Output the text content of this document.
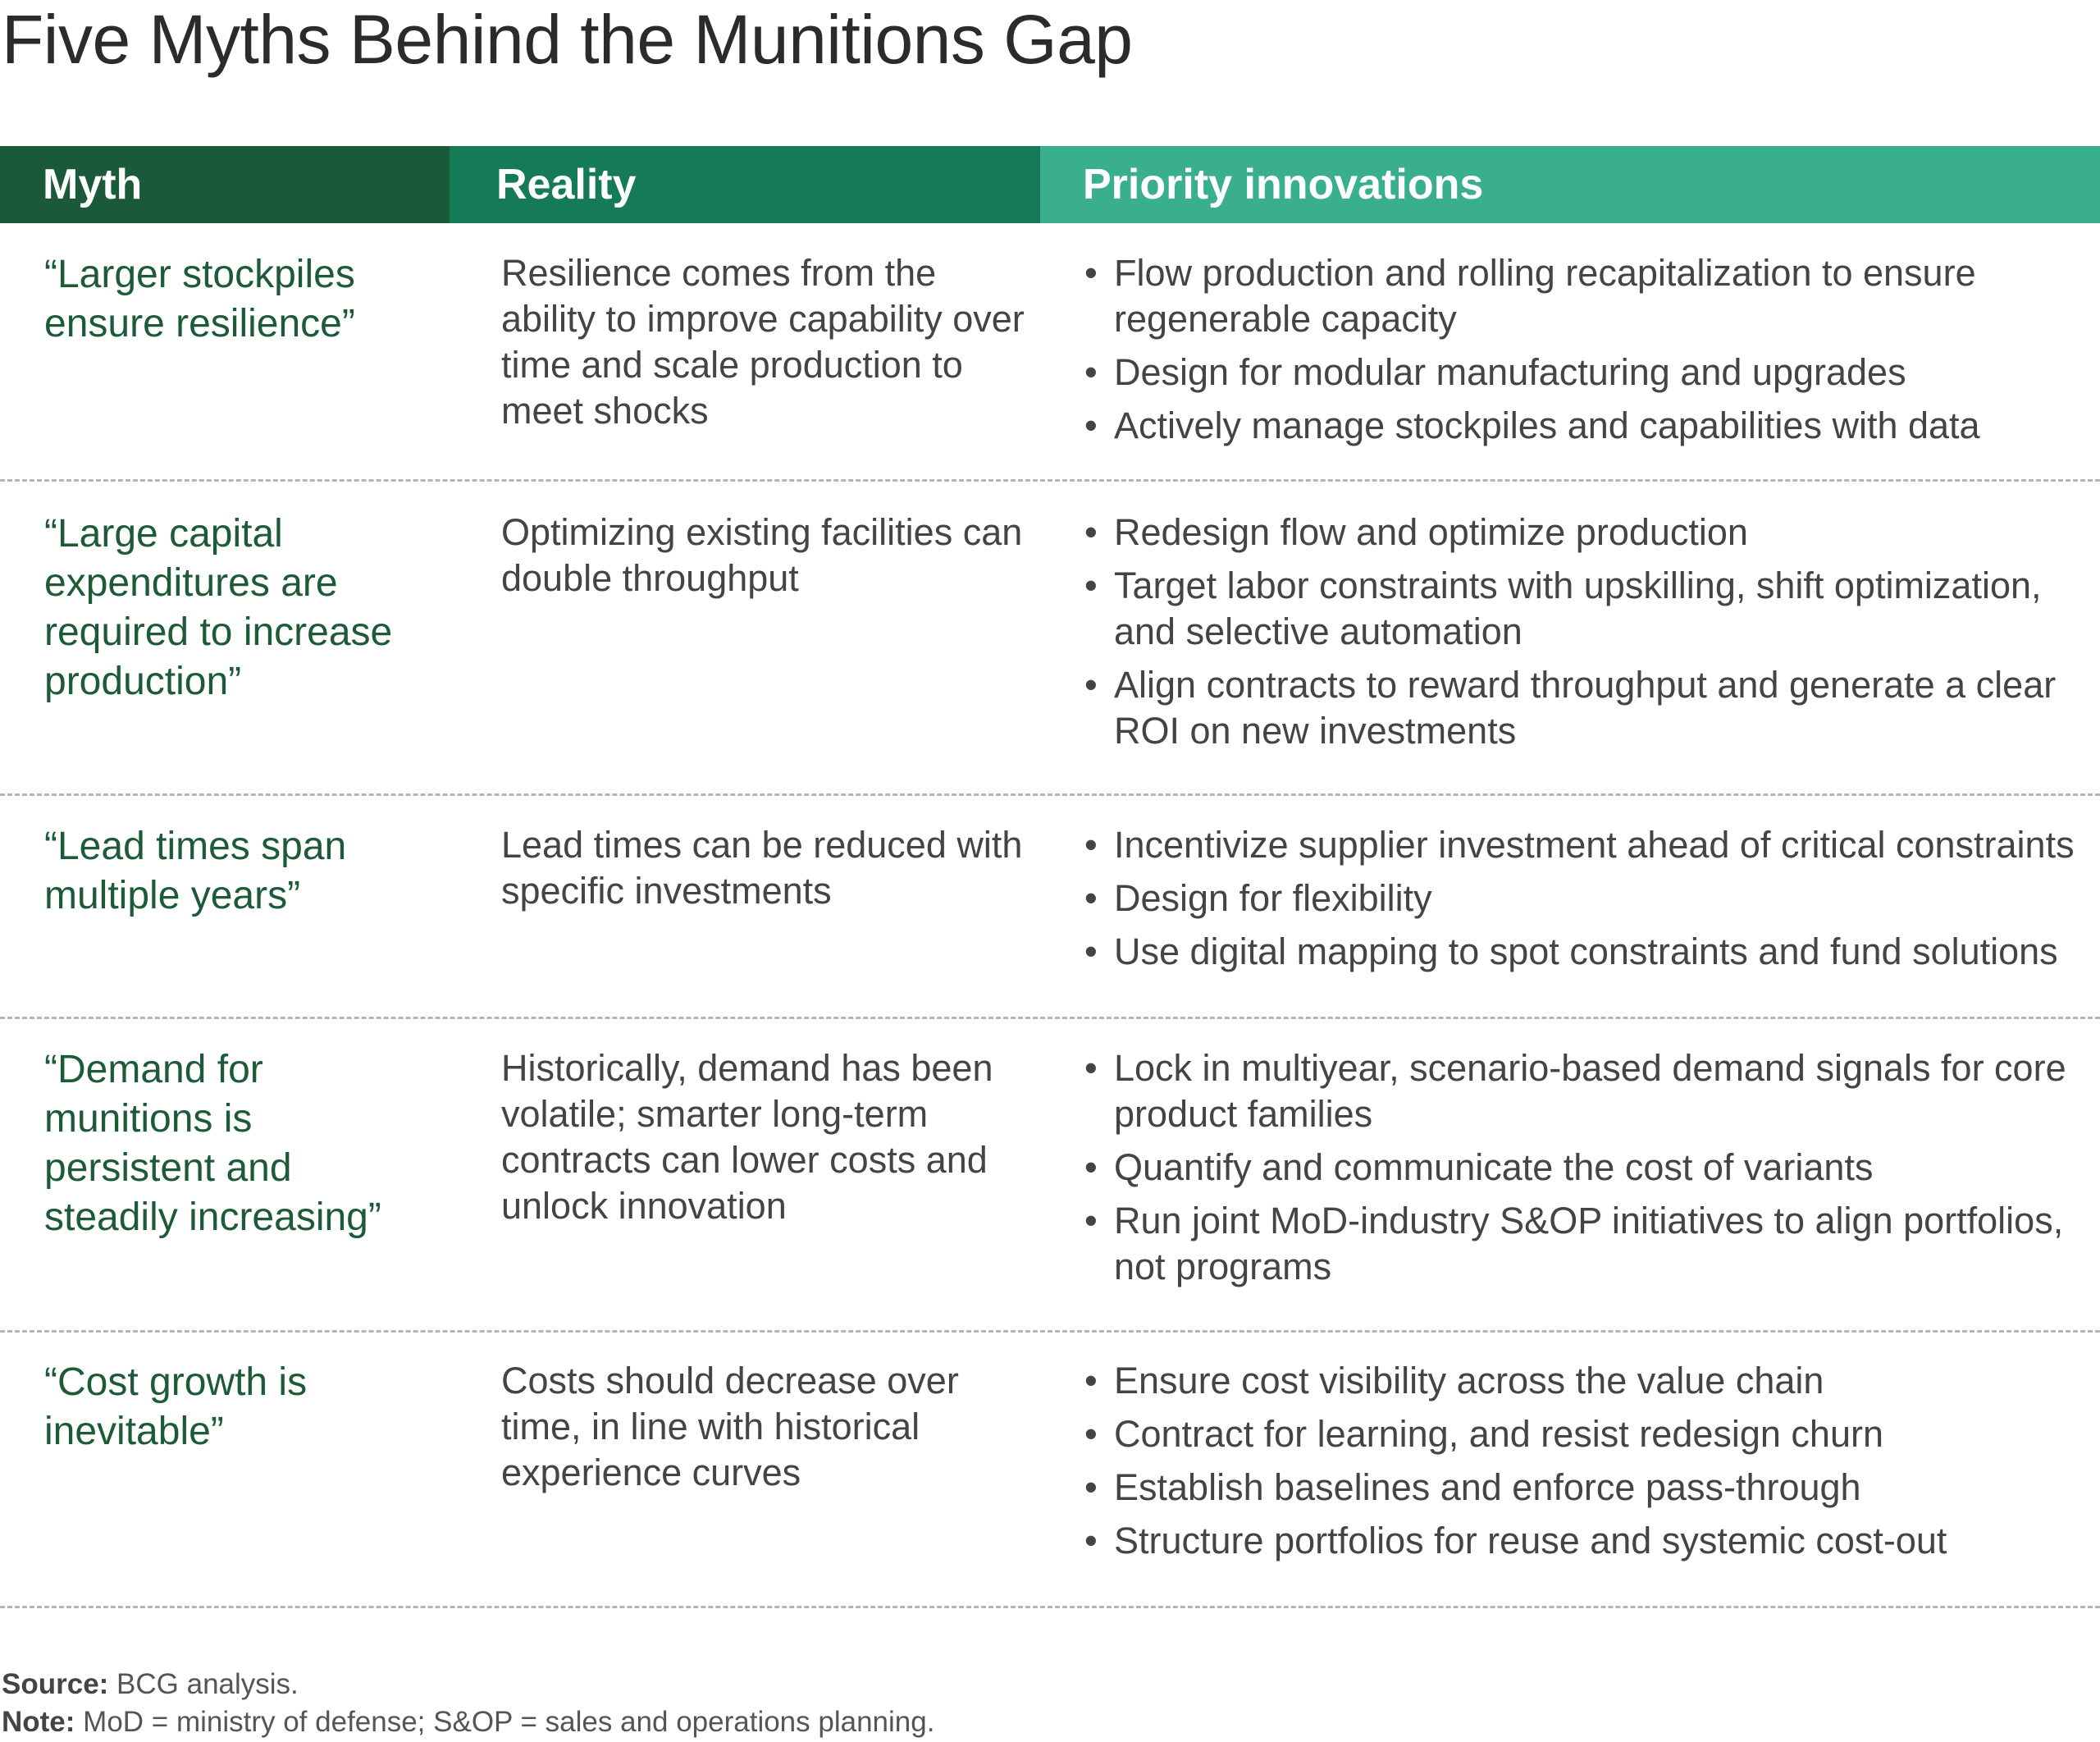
Five Myths Behind the Munitions Gap
Myth	Reality	Priority innovations
“Larger stockpiles ensure resilience”
Resilience comes from the ability to improve capability over time and scale production to meet shocks
• Flow production and rolling recapitalization to ensure regenerable capacity
• Design for modular manufacturing and upgrades
• Actively manage stockpiles and capabilities with data
“Large capital expenditures are required to increase production”
Optimizing existing facilities can double throughput
• Redesign flow and optimize production
• Target labor constraints with upskilling, shift optimization, and selective automation
• Align contracts to reward throughput and generate a clear ROI on new investments
“Lead times span multiple years”
Lead times can be reduced with specific investments
• Incentivize supplier investment ahead of critical constraints
• Design for flexibility
• Use digital mapping to spot constraints and fund solutions
“Demand for munitions is persistent and steadily increasing”
Historically, demand has been volatile; smarter long-term contracts can lower costs and unlock innovation
• Lock in multiyear, scenario-based demand signals for core product families
• Quantify and communicate the cost of variants
• Run joint MoD-industry S&OP initiatives to align portfolios, not programs
“Cost growth is inevitable”
Costs should decrease over time, in line with historical experience curves
• Ensure cost visibility across the value chain
• Contract for learning, and resist redesign churn
• Establish baselines and enforce pass-through
• Structure portfolios for reuse and systemic cost-out
Source: BCG analysis.
Note: MoD = ministry of defense; S&OP = sales and operations planning.
